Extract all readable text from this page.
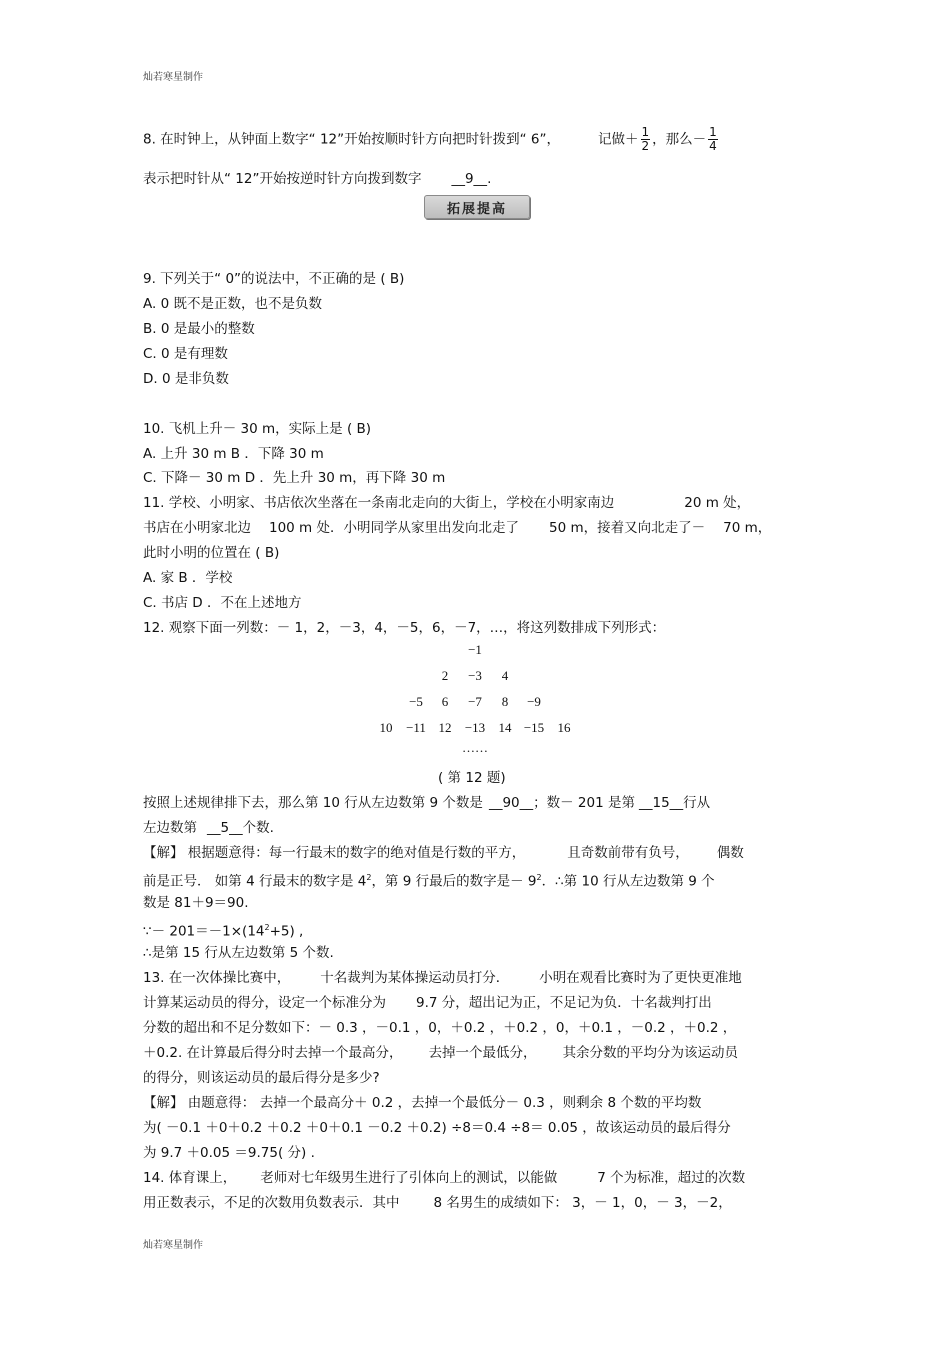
灿若寒星制作
8. 在时钟上，从钟面上数字“ 12”开始按顺时针方向把时针拨到“ 6”，	记做＋ $\frac{1}{2}$ ，那么－ $\frac{1}{4}$
表示把时针从“ 12”开始按逆时针方向拨到数字 __9__.
拓展提高
9. 下列关于“ 0”的说法中，不正确的是 ( B)
A. 0 既不是正数，也不是负数
B. 0 是最小的整数
C. 0 是有理数
D. 0 是非负数
10. 飞机上升－ 30 m，实际上是 ( B)
A. 上升 30 m B ．下降 30 m
C. 下降－ 30 m D ．先上升 30 m，再下降 30 m
11. 学校、小明家、书店依次坐落在一条南北走向的大街上，学校在小明家南边	20 m 处，
书店在小明家北边 100 m 处．小明同学从家里出发向北走了 50 m，接着又向北走了－ 70 m，
此时小明的位置在 ( B)
A. 家 B ．学校
C. 书店 D ．不在上述地方
12. 观察下面一列数：－ 1，2，－3，4，－5，6，－7，…，将这列数排成下列形式：
−1
2 −3 4
−5 6 −7 8 −9
10 −11 12 −13 14 −15 16
……
( 第 12 题)
按照上述规律排下去，那么第 10 行从左边数第 9 个数是 __90__；数－ 201 是第 __15__行从
左边数第 __5__个数.
【解】 根据题意得：每一行最末的数字的绝对值是行数的平方，	且奇数前带有负号， 偶数
前是正号． 如第 4 行最末的数字是 $4^2$，第 9 行最后的数字是－ $9^2$．∴第 10 行从左边数第 9 个
数是 81＋9＝90.
∵－ $201=-1\times(14^2+5)$ ,
∴是第 15 行从左边数第 5 个数.
13. 在一次体操比赛中， 十名裁判为某体操运动员打分． 小明在观看比赛时为了更快更准地
计算某运动员的得分，设定一个标准分为 9.7 分，超出记为正，不足记为负．十名裁判打出
分数的超出和不足分数如下：－ 0.3 ，－0.1 ，0，＋0.2 ，＋0.2 ，0，＋0.1 ，－0.2 ，＋0.2 ，
＋0.2. 在计算最后得分时去掉一个最高分， 去掉一个最低分， 其余分数的平均分为该运动员
的得分，则该运动员的最后得分是多少?
【解】 由题意得： 去掉一个最高分＋ 0.2 ，去掉一个最低分－ 0.3 ，则剩余 8 个数的平均数
为( －0.1 ＋0＋0.2 ＋0.2 ＋0＋0.1 －0.2 ＋0.2) ÷8＝0.4 ÷8＝ 0.05 ，故该运动员的最后得分
为 9.7 ＋0.05 ＝9.75( 分) .
14. 体育课上， 老师对七年级男生进行了引体向上的测试，以能做	7 个为标准，超过的次数
用正数表示，不足的次数用负数表示．其中	8 名男生的成绩如下： 3，－ 1，0，－ 3，－2，
灿若寒星制作
